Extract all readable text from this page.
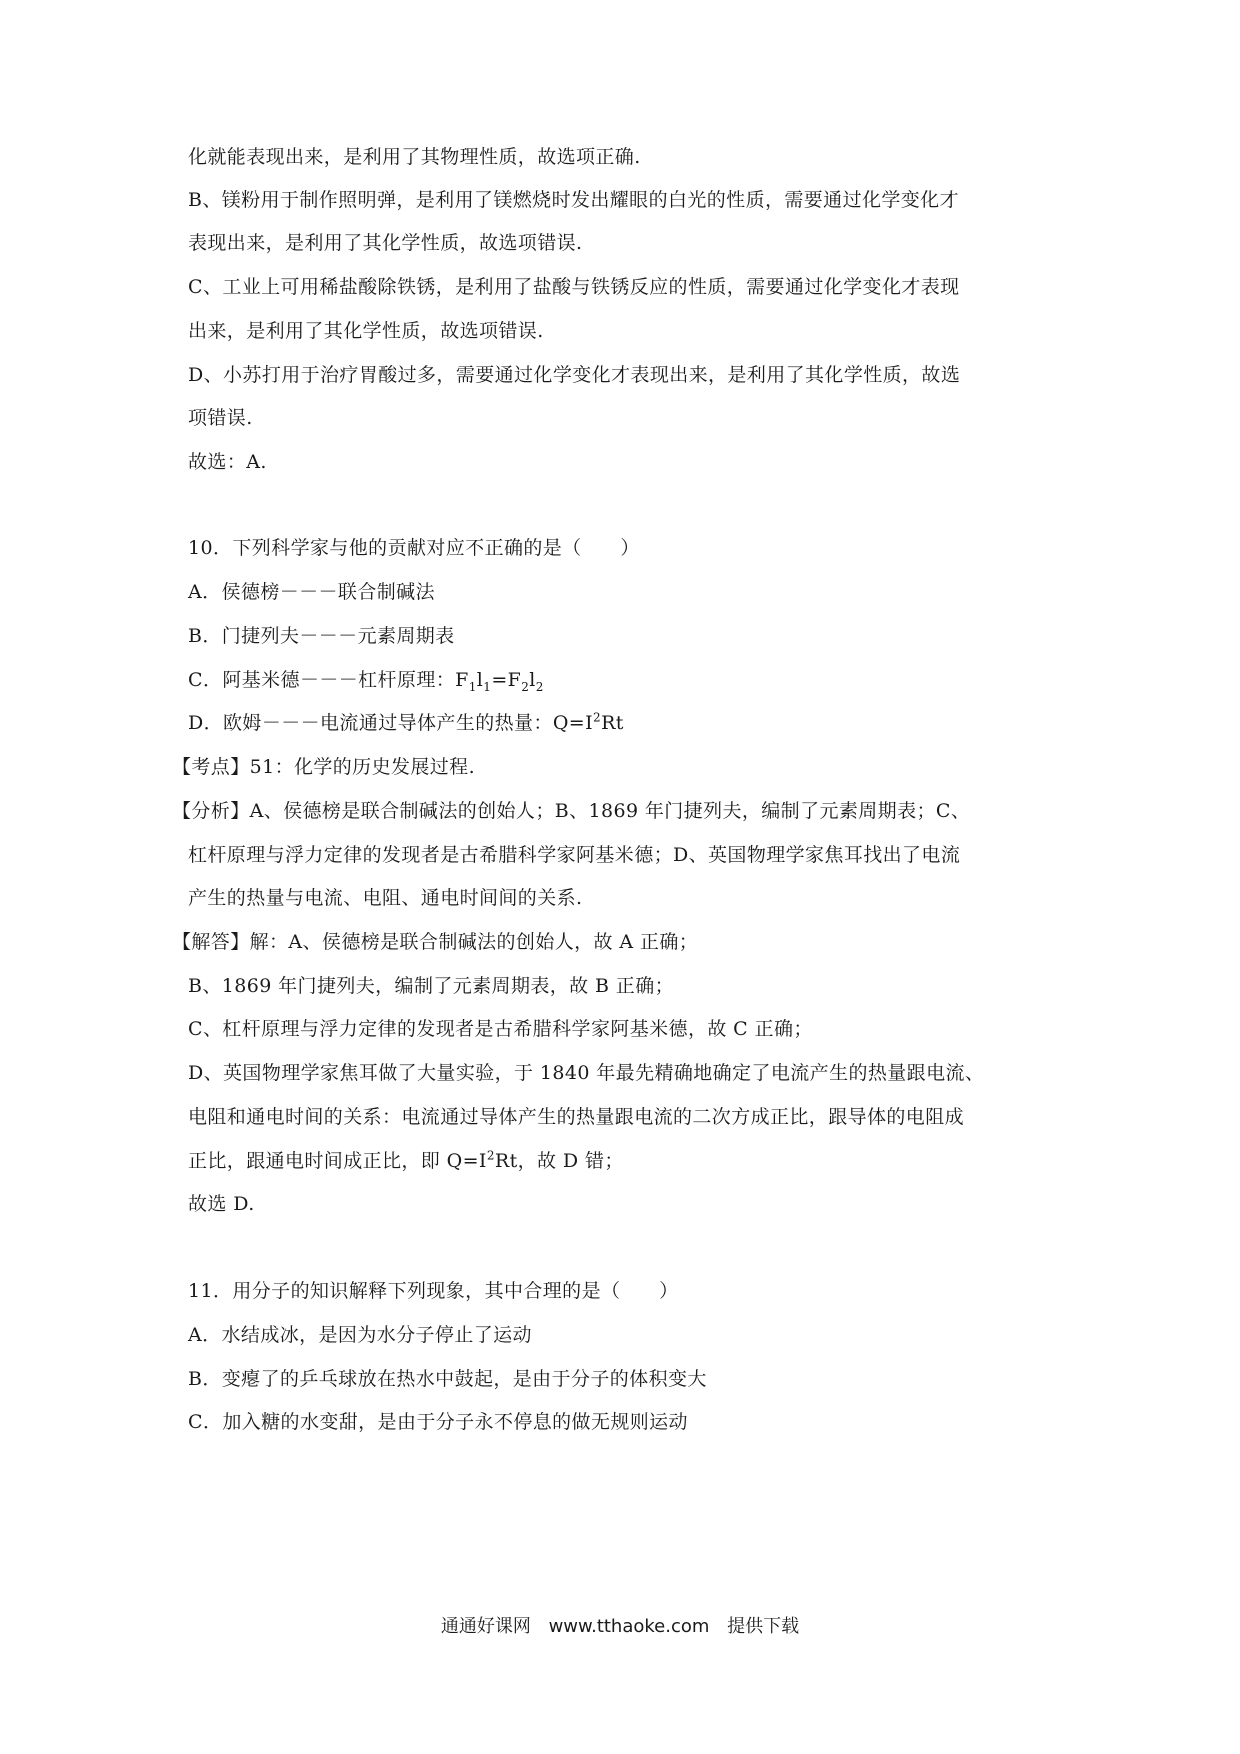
化就能表现出来，是利用了其物理性质，故选项正确.
B、镁粉用于制作照明弹，是利用了镁燃烧时发出耀眼的白光的性质，需要通过化学变化才
表现出来，是利用了其化学性质，故选项错误.
C、工业上可用稀盐酸除铁锈，是利用了盐酸与铁锈反应的性质，需要通过化学变化才表现
出来，是利用了其化学性质，故选项错误.
D、小苏打用于治疗胃酸过多，需要通过化学变化才表现出来，是利用了其化学性质，故选
项错误.
故选：A.
10．下列科学家与他的贡献对应不正确的是（　　）
A．侯德榜－－－联合制碱法
B．门捷列夫－－－元素周期表
C．阿基米德－－－杠杆原理：$F_1l_1=F_2l_2$
D．欧姆－－－电流通过导体产生的热量：$Q=I^2Rt$
【考点】51：化学的历史发展过程.
【分析】A、侯德榜是联合制碱法的创始人；B、1869 年门捷列夫，编制了元素周期表；C、
杠杆原理与浮力定律的发现者是古希腊科学家阿基米德；D、英国物理学家焦耳找出了电流
产生的热量与电流、电阻、通电时间间的关系.
【解答】解：A、侯德榜是联合制碱法的创始人，故 A 正确；
B、1869 年门捷列夫，编制了元素周期表，故 B 正确；
C、杠杆原理与浮力定律的发现者是古希腊科学家阿基米德，故 C 正确；
D、英国物理学家焦耳做了大量实验，于 1840 年最先精确地确定了电流产生的热量跟电流、
电阻和通电时间的关系：电流通过导体产生的热量跟电流的二次方成正比，跟导体的电阻成
正比，跟通电时间成正比，即 $Q=I^2Rt$，故 D 错；
故选 D.
11．用分子的知识解释下列现象，其中合理的是（　　）
A．水结成冰，是因为水分子停止了运动
B．变瘪了的乒乓球放在热水中鼓起，是由于分子的体积变大
C．加入糖的水变甜，是由于分子永不停息的做无规则运动
通通好课网 www.tthaoke.com 提供下载
